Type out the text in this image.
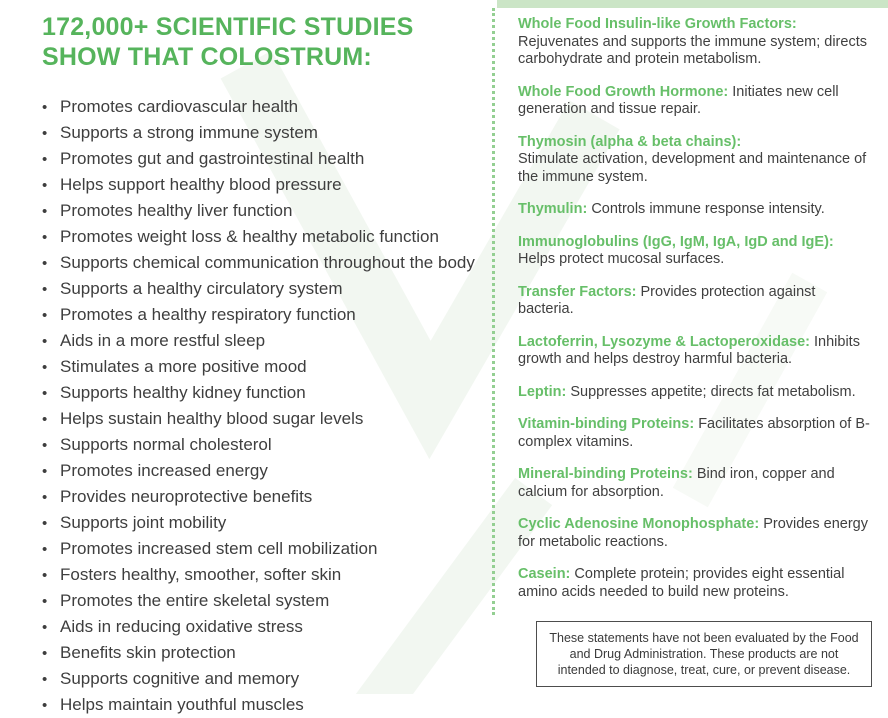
172,000+ SCIENTIFIC STUDIES
SHOW THAT COLOSTRUM:
• Promotes cardiovascular health
• Supports a strong immune system
• Promotes gut and gastrointestinal health
• Helps support healthy blood pressure
• Promotes healthy liver function
• Promotes weight loss & healthy metabolic function
• Supports chemical communication throughout the body
• Supports a healthy circulatory system
• Promotes a healthy respiratory function
• Aids in a more restful sleep
• Stimulates a more positive mood
• Supports healthy kidney function
• Helps sustain healthy blood sugar levels
• Supports normal cholesterol
• Promotes increased energy
• Provides neuroprotective benefits
• Supports joint mobility
• Promotes increased stem cell mobilization
• Fosters healthy, smoother, softer skin
• Promotes the entire skeletal system
• Aids in reducing oxidative stress
• Benefits skin protection
• Supports cognitive and memory
• Helps maintain youthful muscles
Whole Food Insulin-like Growth Factors:
Rejuvenates and supports the immune system; directs carbohydrate and protein metabolism.
Whole Food Growth Hormone: Initiates new cell generation and tissue repair.
Thymosin (alpha & beta chains):
Stimulate activation, development and maintenance of the immune system.
Thymulin: Controls immune response intensity.
Immunoglobulins (IgG, IgM, IgA, IgD and IgE): Helps protect mucosal surfaces.
Transfer Factors: Provides protection against bacteria.
Lactoferrin, Lysozyme & Lactoperoxidase: Inhibits growth and helps destroy harmful bacteria.
Leptin: Suppresses appetite; directs fat metabolism.
Vitamin-binding Proteins: Facilitates absorption of B-complex vitamins.
Mineral-binding Proteins: Bind iron, copper and calcium for absorption.
Cyclic Adenosine Monophosphate: Provides energy for metabolic reactions.
Casein: Complete protein; provides eight essential amino acids needed to build new proteins.
These statements have not been evaluated by the Food and Drug Administration. These products are not intended to diagnose, treat, cure, or prevent disease.
